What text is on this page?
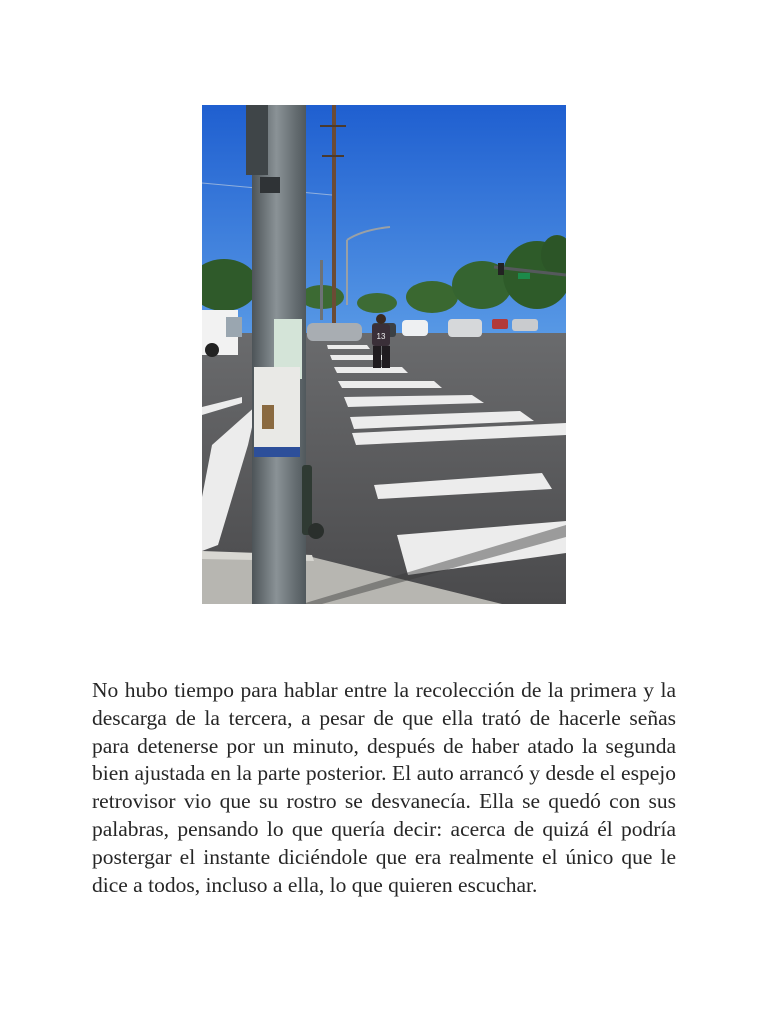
13

No hubo tiempo para hablar entre la recolección de la primera y la descarga de la tercera, a pesar de que ella trató de hacerle señas para detenerse por un minuto, después de haber atado la segunda bien ajustada en la parte posterior. El auto arrancó y desde el espejo retrovisor vio que su rostro se desvanecía. Ella se quedó con sus palabras, pensando lo que quería decir: acerca de quizá él podría postergar el instante diciéndole que era realmente el único que le dice a todos, incluso a ella, lo que quieren escuchar.
